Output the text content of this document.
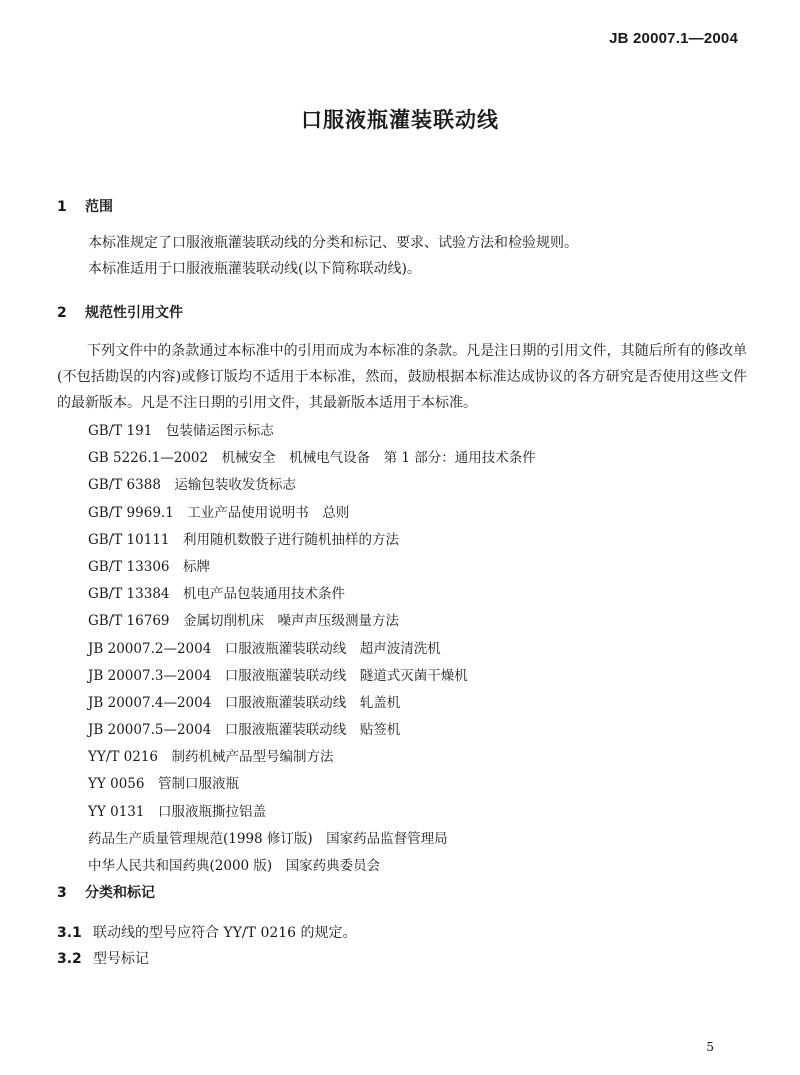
JB 20007.1—2004
口服液瓶灌装联动线
1 范围
本标准规定了口服液瓶灌装联动线的分类和标记、要求、试验方法和检验规则。
本标准适用于口服液瓶灌装联动线(以下简称联动线)。
2 规范性引用文件
下列文件中的条款通过本标准中的引用而成为本标准的条款。凡是注日期的引用文件，其随后所有的修改单(不包括勘误的内容)或修订版均不适用于本标准，然而，鼓励根据本标准达成协议的各方研究是否使用这些文件的最新版本。凡是不注日期的引用文件，其最新版本适用于本标准。
GB/T 191　包装储运图示标志
GB 5226.1—2002　机械安全　机械电气设备　第 1 部分：通用技术条件
GB/T 6388　运输包装收发货标志
GB/T 9969.1　工业产品使用说明书　总则
GB/T 10111　利用随机数骰子进行随机抽样的方法
GB/T 13306　标牌
GB/T 13384　机电产品包装通用技术条件
GB/T 16769　金属切削机床　噪声声压级测量方法
JB 20007.2—2004　口服液瓶灌装联动线　超声波清洗机
JB 20007.3—2004　口服液瓶灌装联动线　隧道式灭菌干燥机
JB 20007.4—2004　口服液瓶灌装联动线　轧盖机
JB 20007.5—2004　口服液瓶灌装联动线　贴签机
YY/T 0216　制药机械产品型号编制方法
YY 0056　管制口服液瓶
YY 0131　口服液瓶撕拉铝盖
药品生产质量管理规范(1998 修订版)　国家药品监督管理局
中华人民共和国药典(2000 版)　国家药典委员会
3 分类和标记
3.1 联动线的型号应符合 YY/T 0216 的规定。
3.2 型号标记
5
